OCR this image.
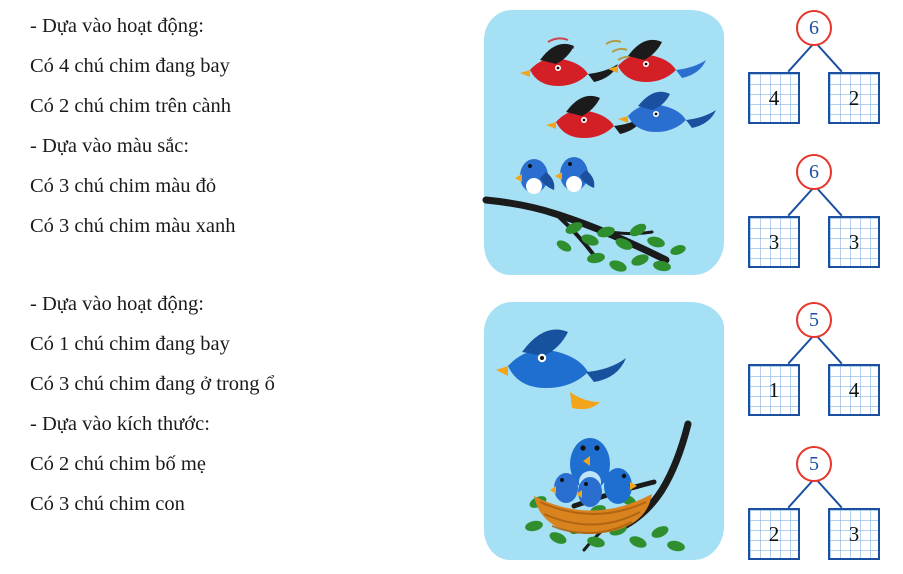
- Dựa vào hoạt động:
Có 4 chú chim đang bay
Có 2 chú chim trên cành
- Dựa vào màu sắc:
Có 3 chú chim màu đỏ
Có 3 chú chim màu xanh
- Dựa vào hoạt động:
Có 1 chú chim đang bay
Có 3 chú chim đang ở trong ổ
- Dựa vào kích thước:
Có 2 chú chim bố mẹ
Có 3 chú chim con
6
4	2
6
3	3
5
1	4
5
2	3
